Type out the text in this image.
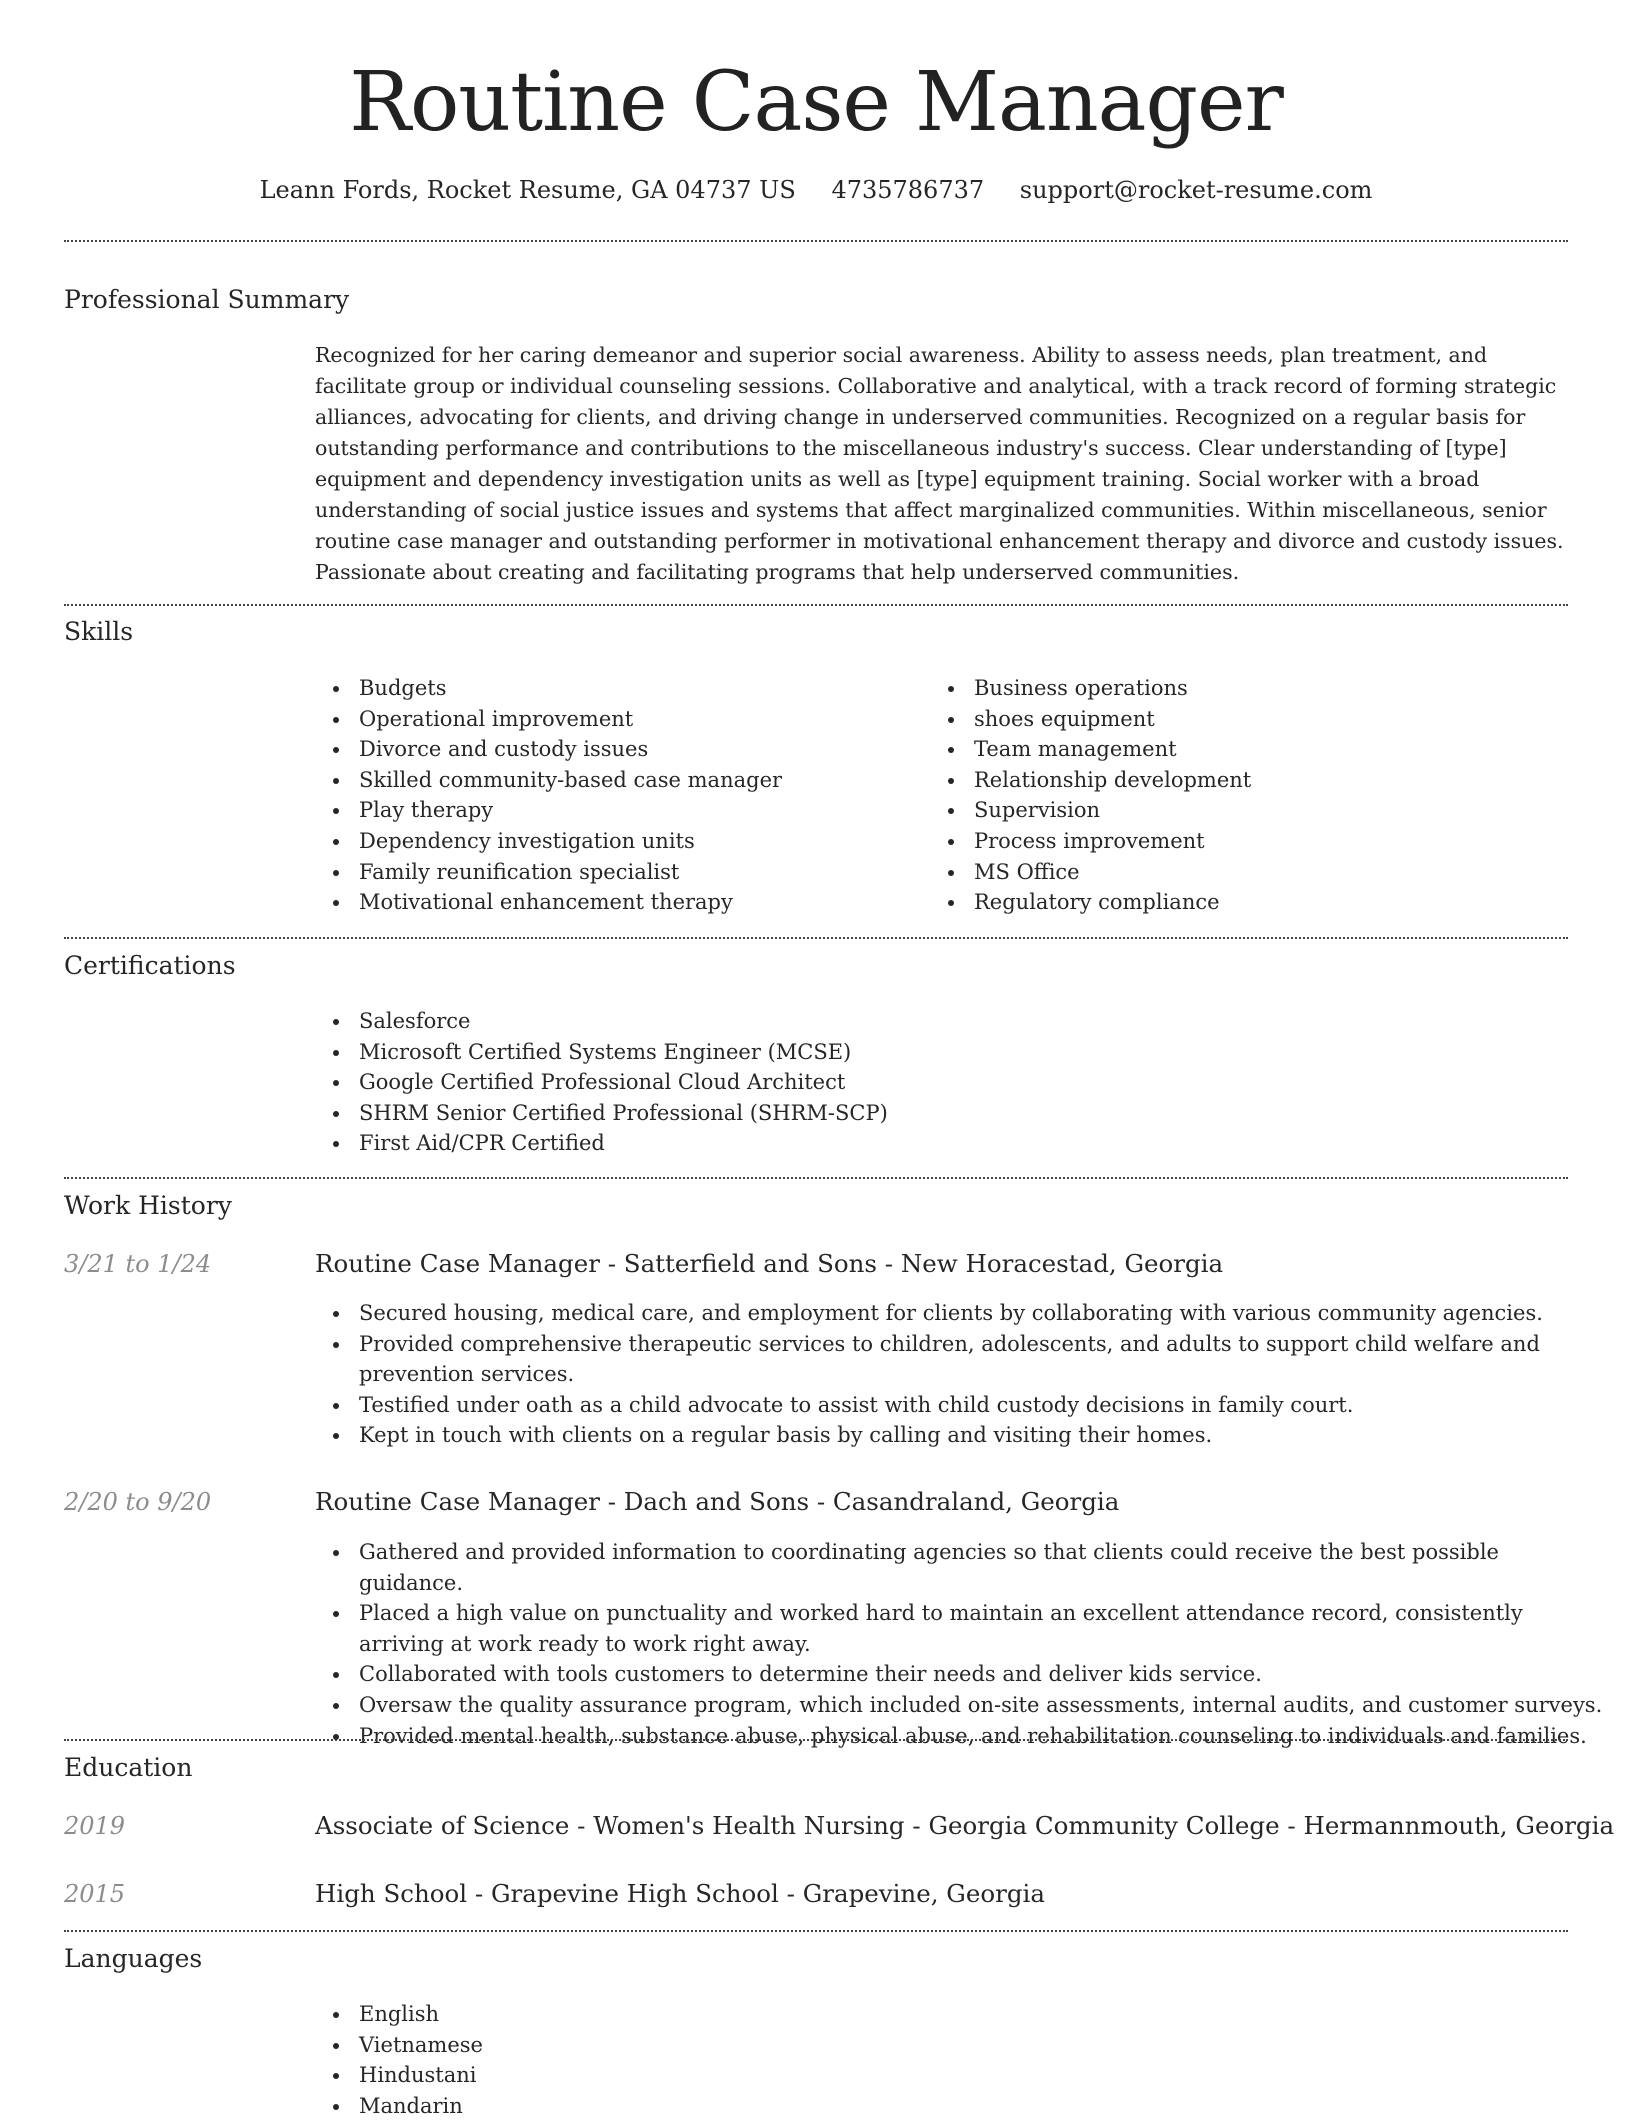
Routine Case Manager
Leann Fords, Rocket Resume, GA 04737 US 4735786737 support@rocket-resume.com
Professional Summary

Recognized for her caring demeanor and superior social awareness. Ability to assess needs, plan treatment, and facilitate group or individual counseling sessions. Collaborative and analytical, with a track record of forming strategic alliances, advocating for clients, and driving change in underserved communities. Recognized on a regular basis for outstanding performance and contributions to the miscellaneous industry's success. Clear understanding of [type] equipment and dependency investigation units as well as [type] equipment training. Social worker with a broad understanding of social justice issues and systems that affect marginalized communities. Within miscellaneous, senior routine case manager and outstanding performer in motivational enhancement therapy and divorce and custody issues. Passionate about creating and facilitating programs that help underserved communities.

Skills
Budgets
Operational improvement
Divorce and custody issues
Skilled community-based case manager
Play therapy
Dependency investigation units
Family reunification specialist
Motivational enhancement therapy
Business operations
shoes equipment
Team management
Relationship development
Supervision
Process improvement
MS Office
Regulatory compliance
Certifications
Salesforce
Microsoft Certified Systems Engineer (MCSE)
Google Certified Professional Cloud Architect
SHRM Senior Certified Professional (SHRM-SCP)
First Aid/CPR Certified
Work History
3/21 to 1/24	Routine Case Manager - Satterfield and Sons - New Horacestad, Georgia
Secured housing, medical care, and employment for clients by collaborating with various community agencies.
Provided comprehensive therapeutic services to children, adolescents, and adults to support child welfare and prevention services.
Testified under oath as a child advocate to assist with child custody decisions in family court.
Kept in touch with clients on a regular basis by calling and visiting their homes.
2/20 to 9/20	Routine Case Manager - Dach and Sons - Casandraland, Georgia
Gathered and provided information to coordinating agencies so that clients could receive the best possible guidance.
Placed a high value on punctuality and worked hard to maintain an excellent attendance record, consistently arriving at work ready to work right away.
Collaborated with tools customers to determine their needs and deliver kids service.
Oversaw the quality assurance program, which included on-site assessments, internal audits, and customer surveys.
Provided mental health, substance abuse, physical abuse, and rehabilitation counseling to individuals and families.
Education
2019	Associate of Science - Women's Health Nursing - Georgia Community College - Hermannmouth, Georgia
2015	High School - Grapevine High School - Grapevine, Georgia
Languages
English
Vietnamese
Hindustani
Mandarin
